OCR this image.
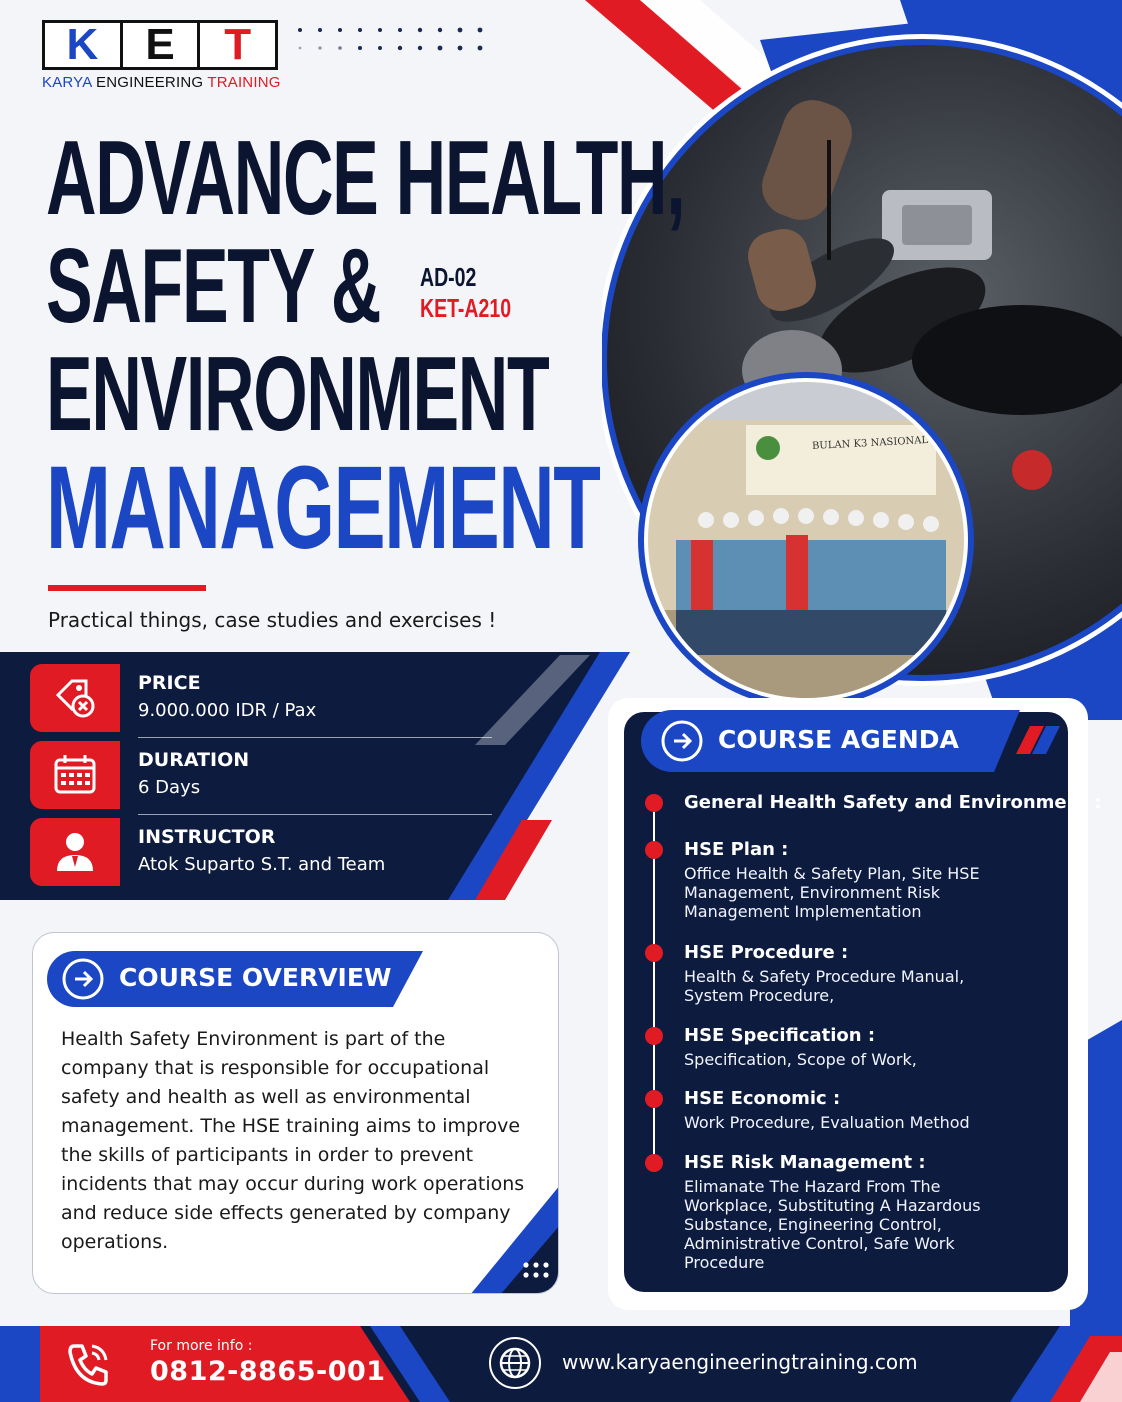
BULAN K3 NASIONAL
K	E	T
KARYA ENGINEERING TRAINING
ADVANCE HEALTH,
SAFETY &
ENVIRONMENT
MANAGEMENT
AD-02
KET-A210
Practical things, case studies and exercises !
PRICE
9.000.000 IDR / Pax
DURATION
6 Days
INSTRUCTOR
Atok Suparto S.T. and Team
COURSE OVERVIEW
Health Safety Environment is part of the company that is responsible for occupational safety and health as well as environmental management. The HSE training aims to improve the skills of participants in order to prevent incidents that may occur during work operations and reduce side effects generated by company operations.
COURSE AGENDA
General Health Safety and Environment :
HSE Plan :
Office Health & Safety Plan, Site HSE Management, Environment Risk Management Implementation
HSE Procedure :
Health & Safety Procedure Manual, System Procedure,
HSE Specification :
Specification, Scope of Work,
HSE Economic :
Work Procedure, Evaluation Method
HSE Risk Management :
Elimanate The Hazard From The Workplace, Substituting A Hazardous Substance, Engineering Control, Administrative Control, Safe Work Procedure
For more info :
0812-8865-001	www.karyaengineeringtraining.com
